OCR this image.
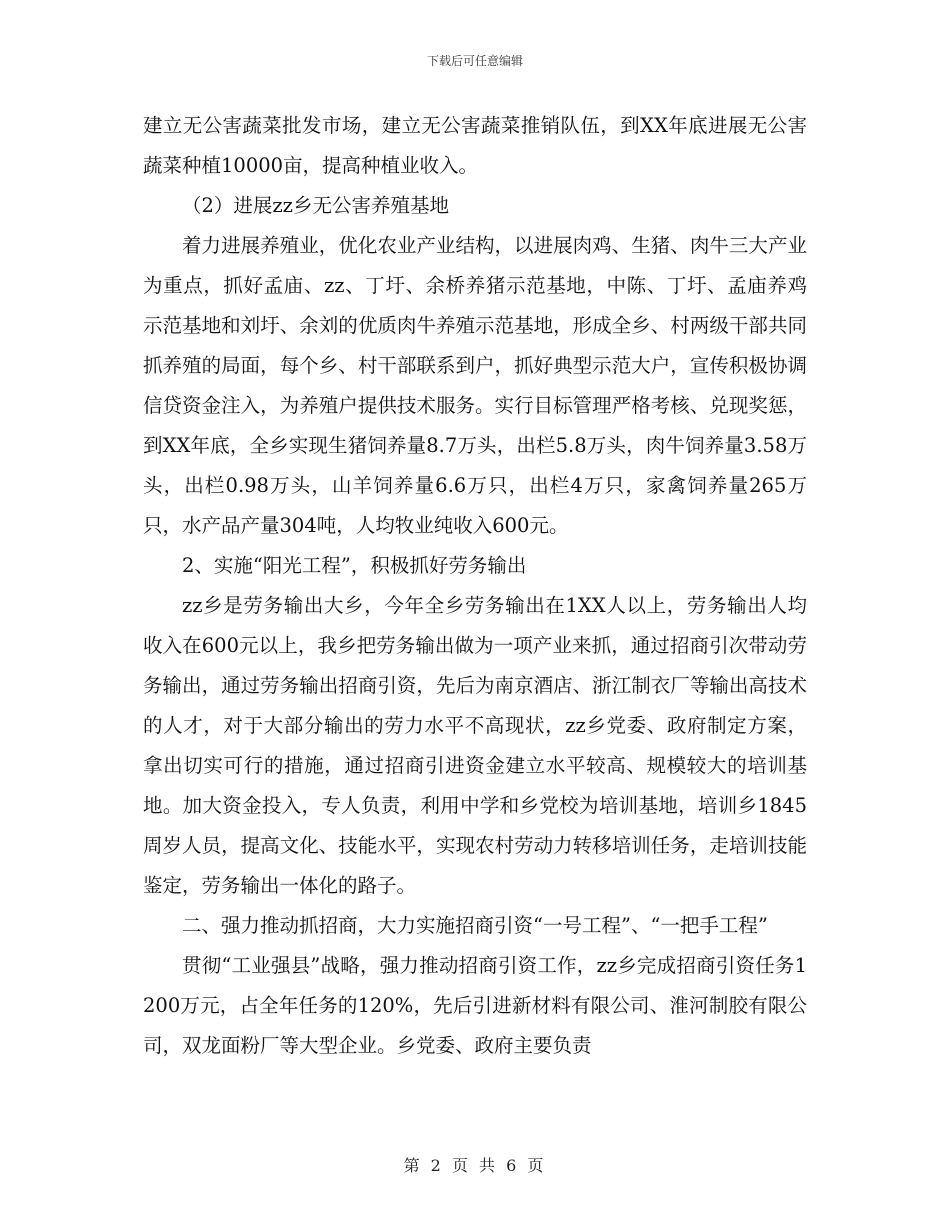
下载后可任意编辑

建立无公害蔬菜批发市场，建立无公害蔬菜推销队伍，到XX年底进展无公害蔬菜种植10000亩，提高种植业收入。

（2）进展zz乡无公害养殖基地

着力进展养殖业，优化农业产业结构，以进展肉鸡、生猪、肉牛三大产业为重点，抓好孟庙、zz、丁圩、余桥养猪示范基地，中陈、丁圩、孟庙养鸡示范基地和刘圩、余刘的优质肉牛养殖示范基地，形成全乡、村两级干部共同抓养殖的局面，每个乡、村干部联系到户，抓好典型示范大户，宣传积极协调信贷资金注入，为养殖户提供技术服务。实行目标管理严格考核、兑现奖惩，到XX年底，全乡实现生猪饲养量8.7万头，出栏5.8万头，肉牛饲养量3.58万头，出栏0.98万头，山羊饲养量6.6万只，出栏4万只，家禽饲养量265万只，水产品产量304吨，人均牧业纯收入600元。

2、实施“阳光工程”，积极抓好劳务输出

zz乡是劳务输出大乡，今年全乡劳务输出在1XX人以上，劳务输出人均收入在600元以上，我乡把劳务输出做为一项产业来抓，通过招商引次带动劳务输出，通过劳务输出招商引资，先后为南京酒店、浙江制衣厂等输出高技术的人才，对于大部分输出的劳力水平不高现状，zz乡党委、政府制定方案，拿出切实可行的措施，通过招商引进资金建立水平较高、规模较大的培训基地。加大资金投入，专人负责，利用中学和乡党校为培训基地，培训乡1845周岁人员，提高文化、技能水平，实现农村劳动力转移培训任务，走培训技能鉴定，劳务输出一体化的路子。

二、强力推动抓招商，大力实施招商引资“一号工程”、“一把手工程”

贯彻“工业强县”战略，强力推动招商引资工作，zz乡完成招商引资任务1200万元，占全年任务的120%，先后引进新材料有限公司、淮河制胶有限公司，双龙面粉厂等大型企业。乡党委、政府主要负责

第 2 页 共 6 页
